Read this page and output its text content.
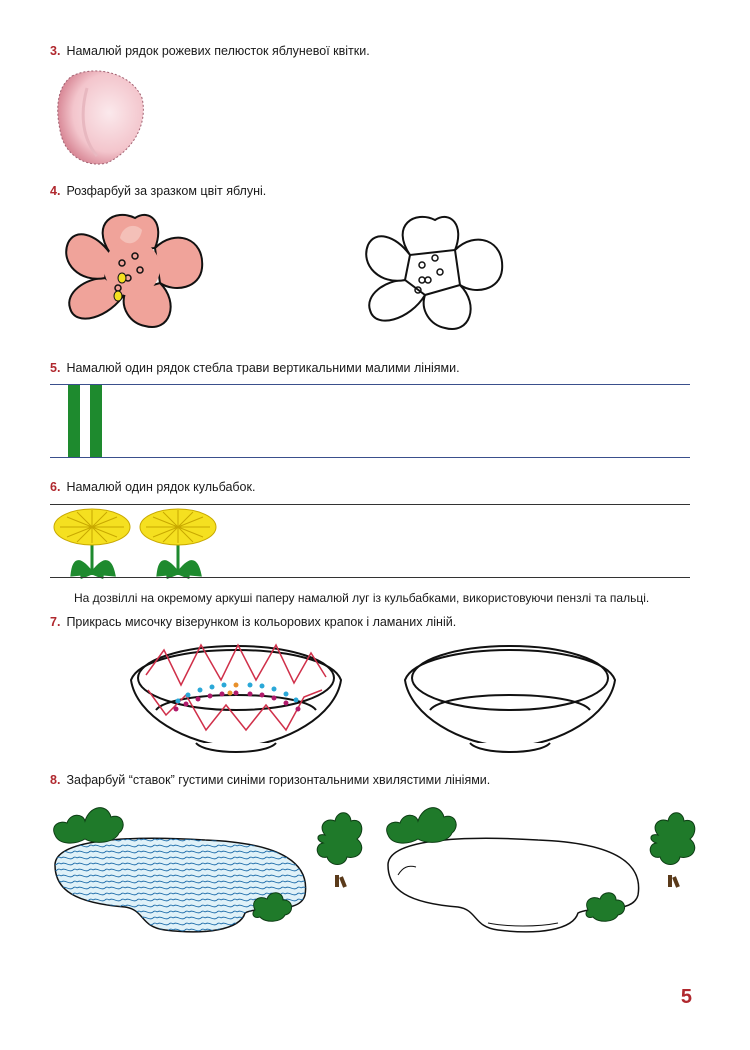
3. Намалюй рядок рожевих пелюсток яблуневої квітки.
4. Розфарбуй за зразком цвіт яблуні.
5. Намалюй один рядок стебла трави вертикальними малими лініями.
6. Намалюй один рядок кульбабок.
На дозвіллі на окремому аркуші паперу намалюй луг із кульбабками, використовуючи пензлі та пальці.
7. Прикрась мисочку візерунком із кольорових крапок і ламаних ліній.
8. Зафарбуй “ставок” густими синіми горизонтальними хвилястими лініями.
5
